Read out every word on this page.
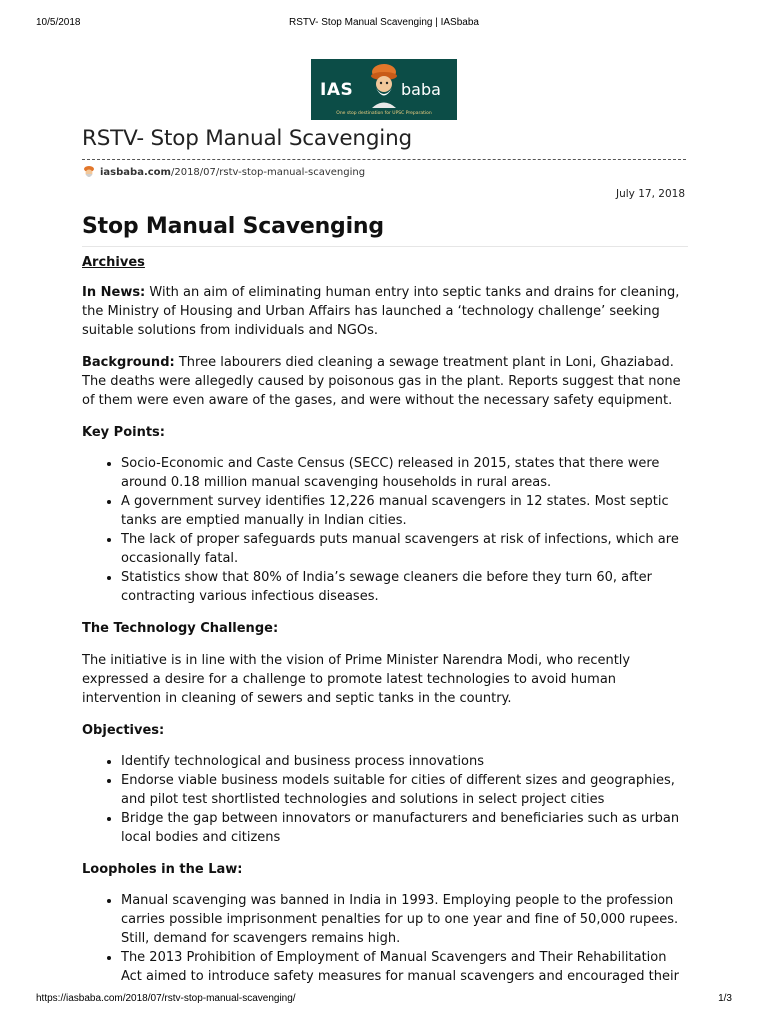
10/5/2018	RSTV- Stop Manual Scavenging | IASbaba
IAS	baba
One stop destination for UPSC Preparation
RSTV- Stop Manual Scavenging
iasbaba.com /2018/07/rstv-stop-manual-scavenging
July 17, 2018
Stop Manual Scavenging
Archives

In News: With an aim of eliminating human entry into septic tanks and drains for cleaning, the Ministry of Housing and Urban Affairs has launched a ‘technology challenge’ seeking suitable solutions from individuals and NGOs.

Background: Three labourers died cleaning a sewage treatment plant in Loni, Ghaziabad. The deaths were allegedly caused by poisonous gas in the plant. Reports suggest that none of them were even aware of the gases, and were without the necessary safety equipment.

Key Points:
• Socio-Economic and Caste Census (SECC) released in 2015, states that there were around 0.18 million manual scavenging households in rural areas.
• A government survey identifies 12,226 manual scavengers in 12 states. Most septic tanks are emptied manually in Indian cities.
• The lack of proper safeguards puts manual scavengers at risk of infections, which are occasionally fatal.
• Statistics show that 80% of India’s sewage cleaners die before they turn 60, after contracting various infectious diseases.
The Technology Challenge:

The initiative is in line with the vision of Prime Minister Narendra Modi, who recently expressed a desire for a challenge to promote latest technologies to avoid human intervention in cleaning of sewers and septic tanks in the country.

Objectives:
• Identify technological and business process innovations
• Endorse viable business models suitable for cities of different sizes and geographies, and pilot test shortlisted technologies and solutions in select project cities
• Bridge the gap between innovators or manufacturers and beneficiaries such as urban local bodies and citizens
Loopholes in the Law:
• Manual scavenging was banned in India in 1993. Employing people to the profession carries possible imprisonment penalties for up to one year and fine of 50,000 rupees. Still, demand for scavengers remains high.
• The 2013 Prohibition of Employment of Manual Scavengers and Their Rehabilitation Act aimed to introduce safety measures for manual scavengers and encouraged their
https://iasbaba.com/2018/07/rstv-stop-manual-scavenging/	1/3
